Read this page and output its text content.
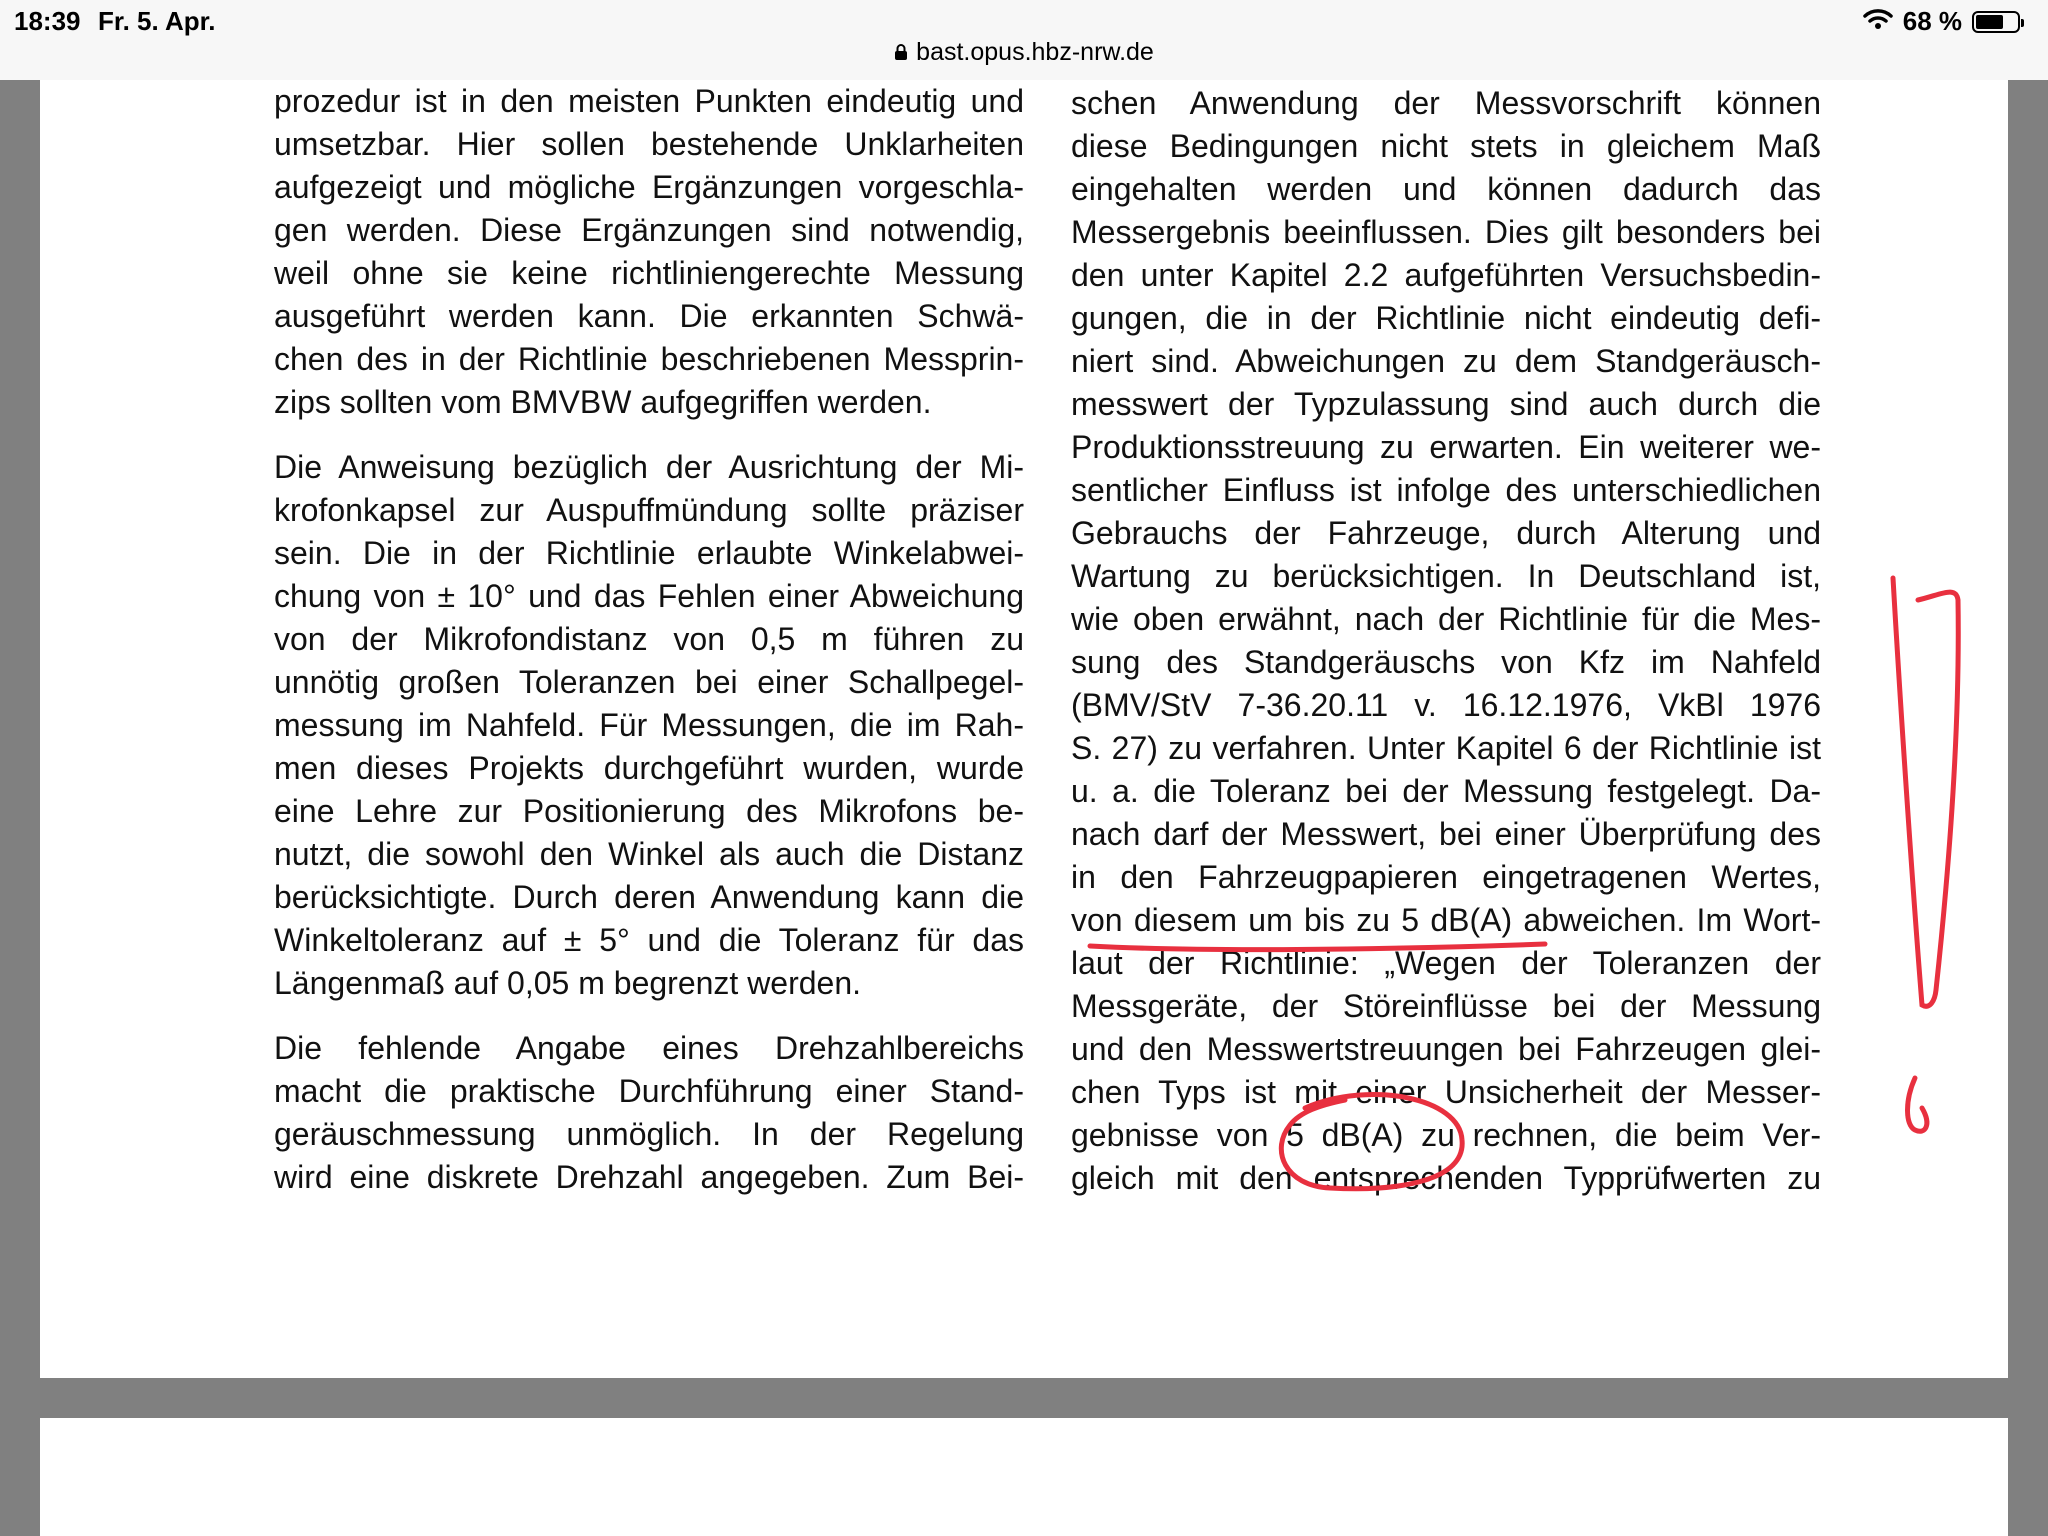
18:39 Fr. 5. Apr.
bast.opus.hbz-nrw.de
68 %
prozedur ist in den meisten Punkten eindeutig und
umsetzbar. Hier sollen bestehende Unklarheiten
aufgezeigt und mögliche Ergänzungen vorgeschla-
gen werden. Diese Ergänzungen sind notwendig,
weil ohne sie keine richtliniengerechte Messung
ausgeführt werden kann. Die erkannten Schwä-
chen des in der Richtlinie beschriebenen Messprin-
zips sollten vom BMVBW aufgegriffen werden.
Die Anweisung bezüglich der Ausrichtung der Mi-
krofonkapsel zur Auspuffmündung sollte präziser
sein. Die in der Richtlinie erlaubte Winkelabwei-
chung von ± 10° und das Fehlen einer Abweichung
von der Mikrofondistanz von 0,5 m führen zu
unnötig großen Toleranzen bei einer Schallpegel-
messung im Nahfeld. Für Messungen, die im Rah-
men dieses Projekts durchgeführt wurden, wurde
eine Lehre zur Positionierung des Mikrofons be-
nutzt, die sowohl den Winkel als auch die Distanz
berücksichtigte. Durch deren Anwendung kann die
Winkeltoleranz auf ± 5° und die Toleranz für das
Längenmaß auf 0,05 m begrenzt werden.
Die fehlende Angabe eines Drehzahlbereichs
macht die praktische Durchführung einer Stand-
geräuschmessung unmöglich. In der Regelung
wird eine diskrete Drehzahl angegeben. Zum Bei-
schen Anwendung der Messvorschrift können
diese Bedingungen nicht stets in gleichem Maß
eingehalten werden und können dadurch das
Messergebnis beeinflussen. Dies gilt besonders bei
den unter Kapitel 2.2 aufgeführten Versuchsbedin-
gungen, die in der Richtlinie nicht eindeutig defi-
niert sind. Abweichungen zu dem Standgeräusch-
messwert der Typzulassung sind auch durch die
Produktionsstreuung zu erwarten. Ein weiterer we-
sentlicher Einfluss ist infolge des unterschiedlichen
Gebrauchs der Fahrzeuge, durch Alterung und
Wartung zu berücksichtigen. In Deutschland ist,
wie oben erwähnt, nach der Richtlinie für die Mes-
sung des Standgeräuschs von Kfz im Nahfeld
(BMV/StV 7-36.20.11 v. 16.12.1976, VkBl 1976
S. 27) zu verfahren. Unter Kapitel 6 der Richtlinie ist
u. a. die Toleranz bei der Messung festgelegt. Da-
nach darf der Messwert, bei einer Überprüfung des
in den Fahrzeugpapieren eingetragenen Wertes,
von diesem um bis zu 5 dB(A) abweichen. Im Wort-
laut der Richtlinie: „Wegen der Toleranzen der
Messgeräte, der Störeinflüsse bei der Messung
und den Messwertstreuungen bei Fahrzeugen glei-
chen Typs ist mit einer Unsicherheit der Messer-
gebnisse von 5 dB(A) zu rechnen, die beim Ver-
gleich mit den entsprechenden Typprüfwerten zu
